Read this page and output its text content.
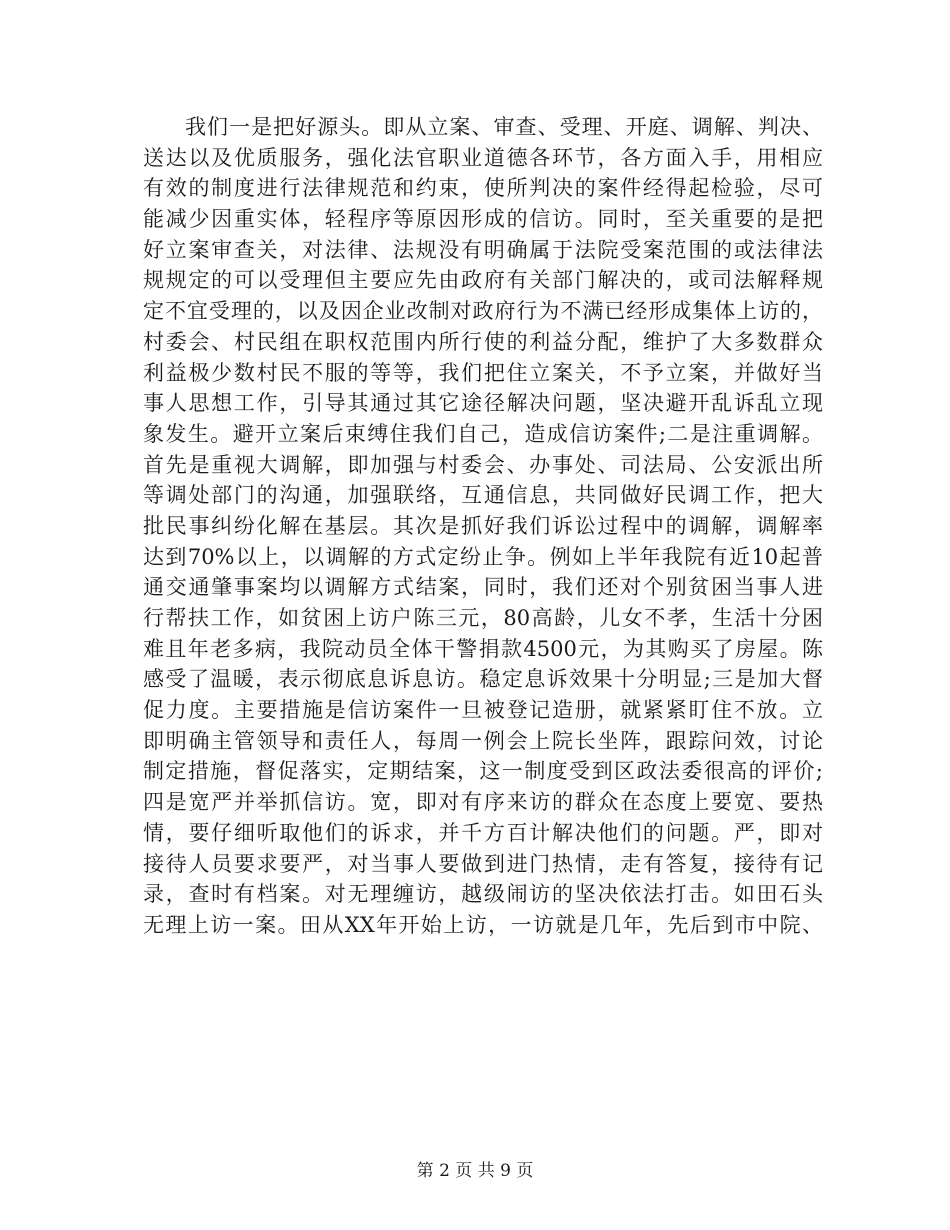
我们一是把好源头。即从立案、审查、受理、开庭、调解、判决、
送达以及优质服务，强化法官职业道德各环节，各方面入手，用相应
有效的制度进行法律规范和约束，使所判决的案件经得起检验，尽可
能减少因重实体，轻程序等原因形成的信访。同时，至关重要的是把
好立案审查关，对法律、法规没有明确属于法院受案范围的或法律法
规规定的可以受理但主要应先由政府有关部门解决的，或司法解释规
定不宜受理的，以及因企业改制对政府行为不满已经形成集体上访的，
村委会、村民组在职权范围内所行使的利益分配，维护了大多数群众
利益极少数村民不服的等等，我们把住立案关，不予立案，并做好当
事人思想工作，引导其通过其它途径解决问题，坚决避开乱诉乱立现
象发生。避开立案后束缚住我们自己，造成信访案件;二是注重调解。
首先是重视大调解，即加强与村委会、办事处、司法局、公安派出所
等调处部门的沟通，加强联络，互通信息，共同做好民调工作，把大
批民事纠纷化解在基层。其次是抓好我们诉讼过程中的调解，调解率
达到70%以上，以调解的方式定纷止争。例如上半年我院有近10起普
通交通肇事案均以调解方式结案，同时，我们还对个别贫困当事人进
行帮扶工作，如贫困上访户陈三元，80高龄，儿女不孝，生活十分困
难且年老多病，我院动员全体干警捐款4500元，为其购买了房屋。陈
感受了温暖，表示彻底息诉息访。稳定息诉效果十分明显;三是加大督
促力度。主要措施是信访案件一旦被登记造册，就紧紧盯住不放。立
即明确主管领导和责任人，每周一例会上院长坐阵，跟踪问效，讨论
制定措施，督促落实，定期结案，这一制度受到区政法委很高的评价;
四是宽严并举抓信访。宽，即对有序来访的群众在态度上要宽、要热
情，要仔细听取他们的诉求，并千方百计解决他们的问题。严，即对
接待人员要求要严，对当事人要做到进门热情，走有答复，接待有记
录，查时有档案。对无理缠访，越级闹访的坚决依法打击。如田石头
无理上访一案。田从XX年开始上访，一访就是几年，先后到市中院、
第 2 页 共 9 页
